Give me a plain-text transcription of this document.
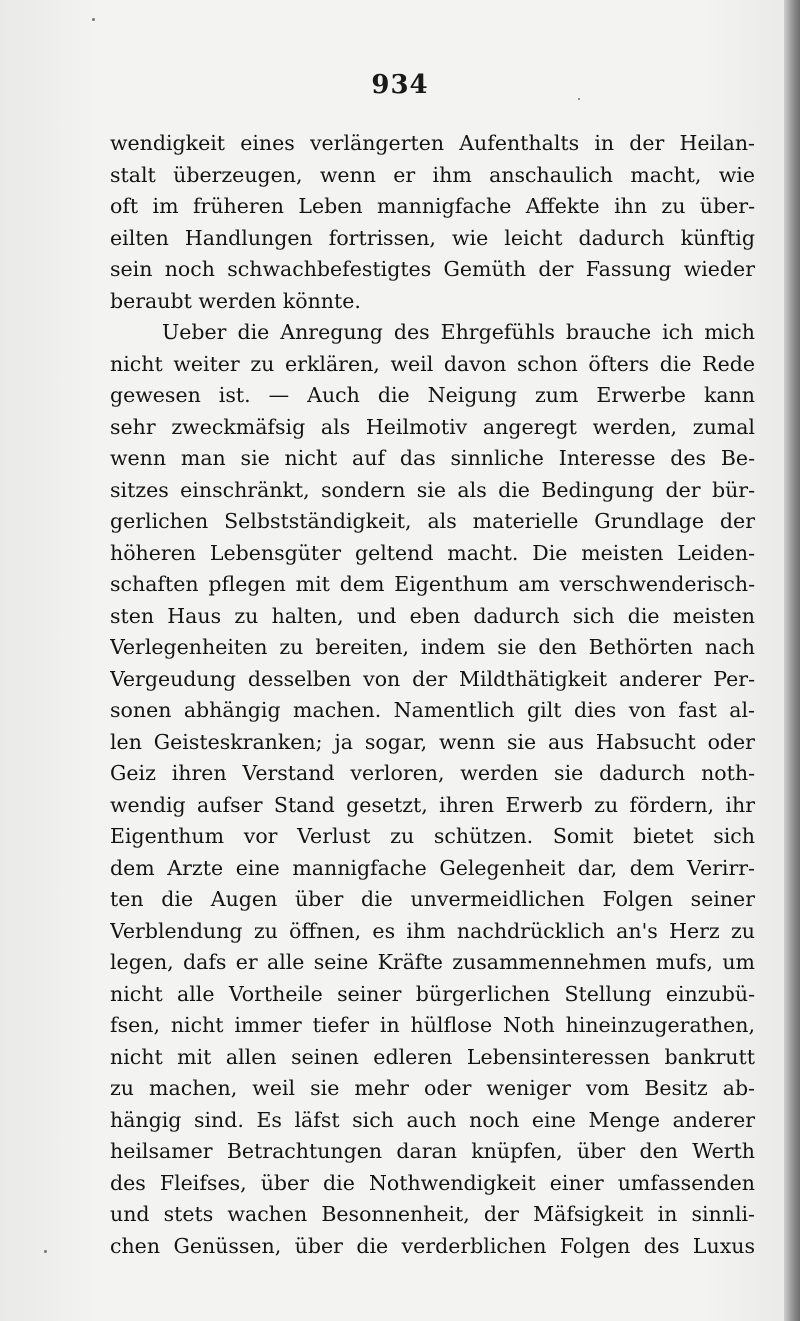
934
wendigkeit eines verlängerten Aufenthalts in der Heilan-
stalt überzeugen, wenn er ihm anschaulich macht, wie
oft im früheren Leben mannigfache Affekte ihn zu über-
eilten Handlungen fortrissen, wie leicht dadurch künftig
sein noch schwachbefestigtes Gemüth der Fassung wieder
beraubt werden könnte.
Ueber die Anregung des Ehrgefühls brauche ich mich
nicht weiter zu erklären, weil davon schon öfters die Rede
gewesen ist. — Auch die Neigung zum Erwerbe kann
sehr zweckmäfsig als Heilmotiv angeregt werden, zumal
wenn man sie nicht auf das sinnliche Interesse des Be-
sitzes einschränkt, sondern sie als die Bedingung der bür-
gerlichen Selbstständigkeit, als materielle Grundlage der
höheren Lebensgüter geltend macht. Die meisten Leiden-
schaften pflegen mit dem Eigenthum am verschwenderisch-
sten Haus zu halten, und eben dadurch sich die meisten
Verlegenheiten zu bereiten, indem sie den Bethörten nach
Vergeudung desselben von der Mildthätigkeit anderer Per-
sonen abhängig machen. Namentlich gilt dies von fast al-
len Geisteskranken; ja sogar, wenn sie aus Habsucht oder
Geiz ihren Verstand verloren, werden sie dadurch noth-
wendig aufser Stand gesetzt, ihren Erwerb zu fördern, ihr
Eigenthum vor Verlust zu schützen. Somit bietet sich
dem Arzte eine mannigfache Gelegenheit dar, dem Verirr-
ten die Augen über die unvermeidlichen Folgen seiner
Verblendung zu öffnen, es ihm nachdrücklich an's Herz zu
legen, dafs er alle seine Kräfte zusammennehmen mufs, um
nicht alle Vortheile seiner bürgerlichen Stellung einzubü-
fsen, nicht immer tiefer in hülflose Noth hineinzugerathen,
nicht mit allen seinen edleren Lebensinteressen bankrutt
zu machen, weil sie mehr oder weniger vom Besitz ab-
hängig sind. Es läfst sich auch noch eine Menge anderer
heilsamer Betrachtungen daran knüpfen, über den Werth
des Fleifses, über die Nothwendigkeit einer umfassenden
und stets wachen Besonnenheit, der Mäfsigkeit in sinnli-
chen Genüssen, über die verderblichen Folgen des Luxus
